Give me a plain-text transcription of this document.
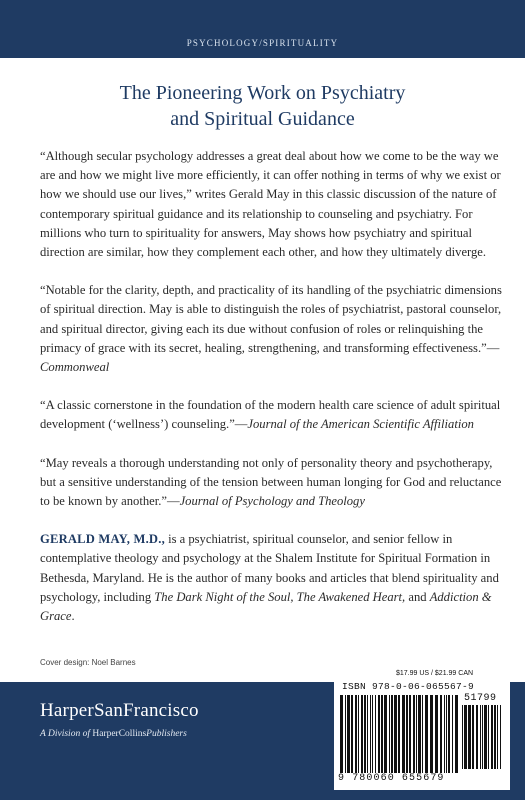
PSYCHOLOGY/SPIRITUALITY
The Pioneering Work on Psychiatry
and Spiritual Guidance

“Although secular psychology addresses a great deal about how we come to be the way we are and how we might live more efficiently, it can offer nothing in terms of why we exist or how we should use our lives,” writes Gerald May in this classic discussion of the nature of contemporary spiritual guidance and its relationship to counseling and psychiatry. For millions who turn to spirituality for answers, May shows how psychiatry and spiritual direction are similar, how they complement each other, and how they ultimately diverge.

“Notable for the clarity, depth, and practicality of its handling of the psychiatric dimensions of spiritual direction. May is able to distinguish the roles of psychiatrist, pastoral counselor, and spiritual director, giving each its due without confusion of roles or relinquishing the primacy of grace with its secret, healing, strengthening, and transforming effectiveness.”—Commonweal

“A classic cornerstone in the foundation of the modern health care science of adult spiritual development (‘wellness’) counseling.”—Journal of the American Scientific Affiliation

“May reveals a thorough understanding not only of personality theory and psychotherapy, but a sensitive understanding of the tension between human longing for God and reluctance to be known by another.”—Journal of Psychology and Theology

GERALD MAY, M.D., is a psychiatrist, spiritual counselor, and senior fellow in contemplative theology and psychology at the Shalem Institute for Spiritual Formation in Bethesda, Maryland. He is the author of many books and articles that blend spirituality and psychology, including The Dark Night of the Soul, The Awakened Heart, and Addiction & Grace.

Cover design: Noel Barnes
HarperSanFrancisco
A Division of HarperCollinsPublishers
$17.99 US / $21.99 CAN
ISBN 978-0-06-065567-9
51799
9 780060 655679
